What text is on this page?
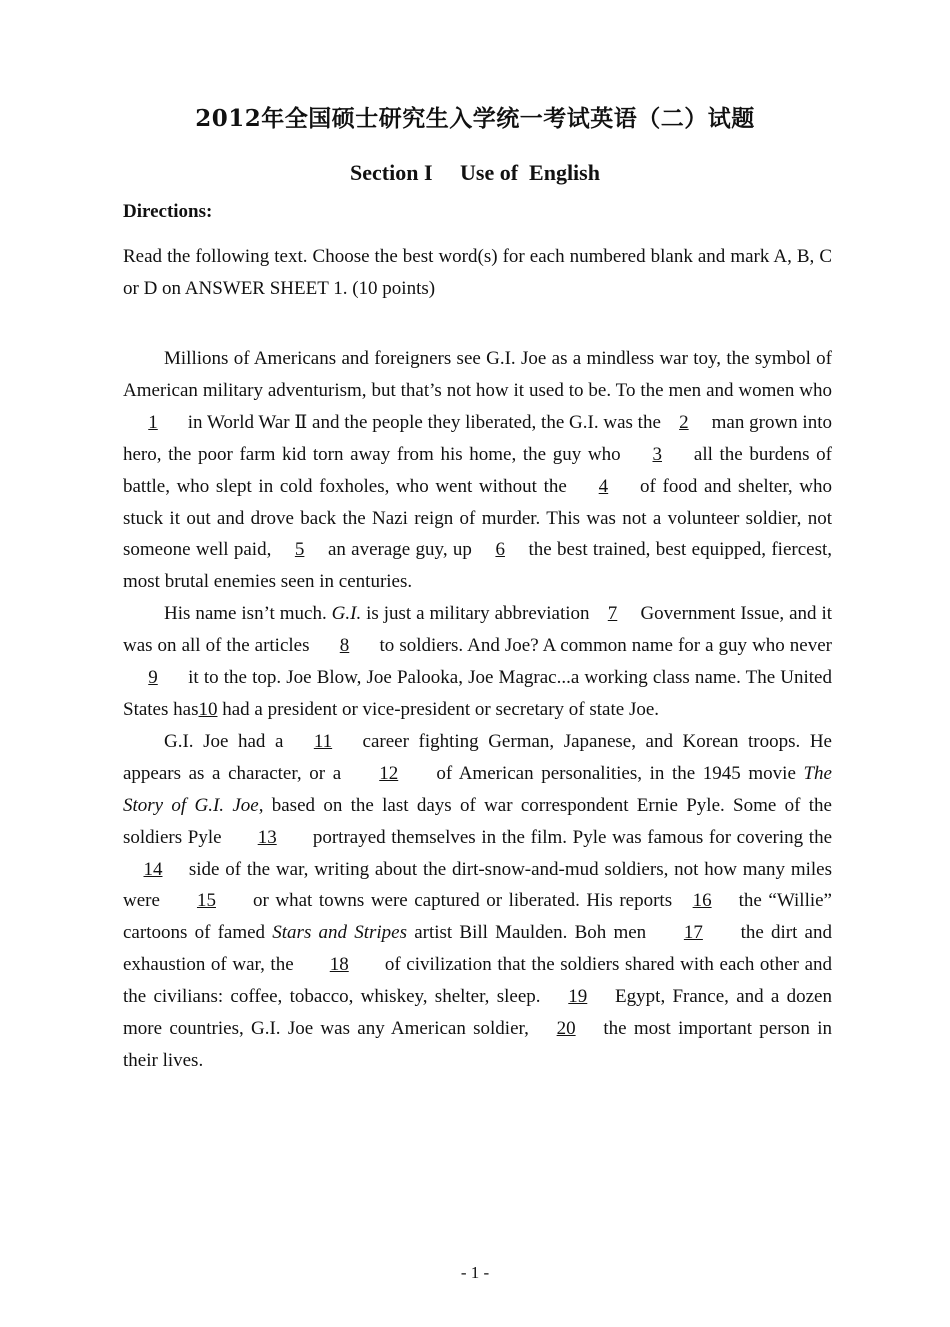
2012年全国硕士研究生入学统一考试英语（二）试题
Section I     Use of  English
Directions:
Read the following text. Choose the best word(s) for each numbered blank and mark A, B, C or D on ANSWER SHEET 1. (10 points)

Millions of Americans and foreigners see G.I. Joe as a mindless war toy, the symbol of American military adventurism, but that’s not how it used to be. To the men and women who1 in World War Ⅱ and the people they liberated, the G.I. was the 2 man grown into hero, the poor farm kid torn away from his home, the guy who 3 all the burdens of battle, who slept in cold foxholes, who went without the 4 of food and shelter, who stuck it out and drove back the Nazi reign of murder. This was not a volunteer soldier, not someone well paid, 5 an average guy, up 6 the best trained, best equipped, fiercest, most brutal enemies seen in centuries.

His name isn’t much. G.I. is just a military abbreviation 7 Government Issue, and it was on all of the articles 8 to soldiers. And Joe? A common name for a guy who never 9 it to the top. Joe Blow, Joe Palooka, Joe Magrac...a working class name. The United States has10 had a president or vice-president or secretary of state Joe.

G.I. Joe had a 11 career fighting German, Japanese, and Korean troops. He appears as a character, or a 12 of American personalities, in the 1945 movie The Story of G.I. Joe, based on the last days of war correspondent Ernie Pyle. Some of the soldiers Pyle 13 portrayed themselves in the film. Pyle was famous for covering the14 side of the war, writing about the dirt-snow-and-mud soldiers, not how many miles were 15 or what towns were captured or liberated. His reports 16 the “Willie” cartoons of famed Stars and Stripes artist Bill Maulden. Boh men 17 the dirt and exhaustion of war, the 18 of civilization that the soldiers shared with each other and the civilians: coffee, tobacco, whiskey, shelter, sleep. 19 Egypt, France, and a dozen more countries, G.I. Joe was any American soldier, 20 the most important person in their lives.

- 1 -
